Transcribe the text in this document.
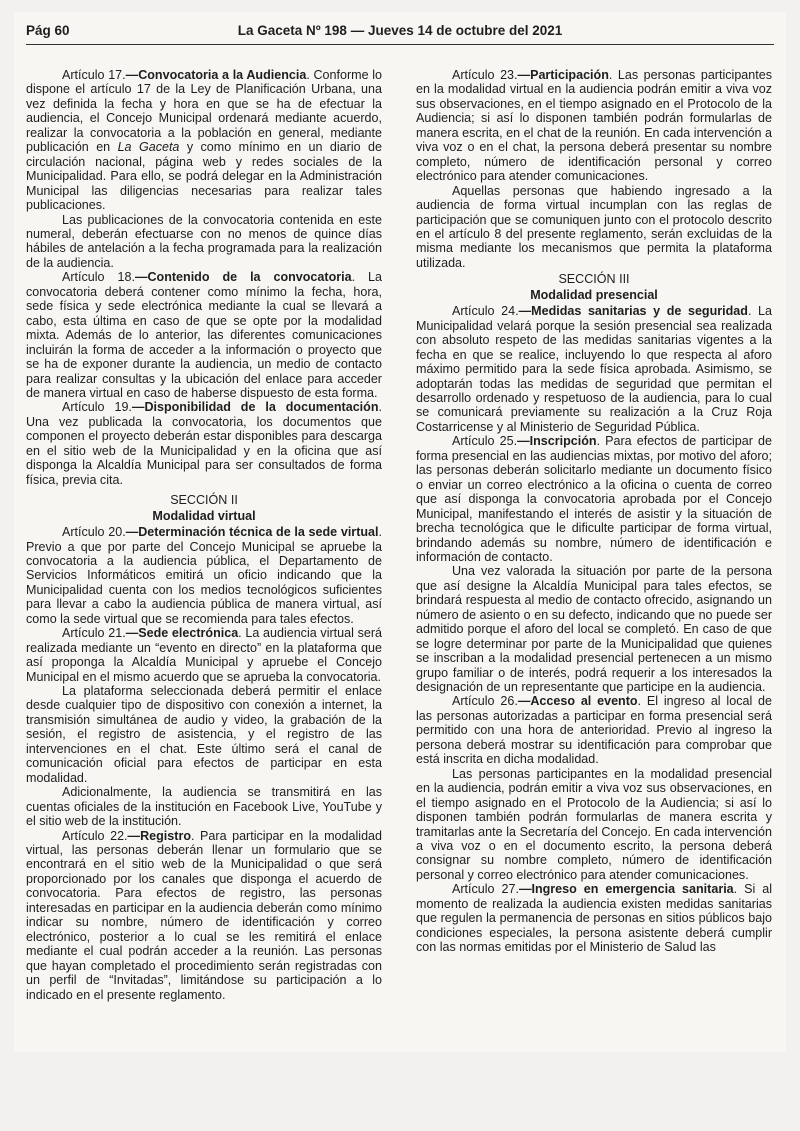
Pág 60	La Gaceta Nº 198 — Jueves 14 de octubre del 2021

Artículo 17.—Convocatoria a la Audiencia. Conforme lo dispone el artículo 17 de la Ley de Planificación Urbana, una vez definida la fecha y hora en que se ha de efectuar la audiencia, el Concejo Municipal ordenará mediante acuerdo, realizar la convocatoria a la población en general, mediante publicación en La Gaceta y como mínimo en un diario de circulación nacional, página web y redes sociales de la Municipalidad. Para ello, se podrá delegar en la Administración Municipal las diligencias necesarias para realizar tales publicaciones.

Las publicaciones de la convocatoria contenida en este numeral, deberán efectuarse con no menos de quince días hábiles de antelación a la fecha programada para la realización de la audiencia.

Artículo 18.—Contenido de la convocatoria. La convocatoria deberá contener como mínimo la fecha, hora, sede física y sede electrónica mediante la cual se llevará a cabo, esta última en caso de que se opte por la modalidad mixta. Además de lo anterior, las diferentes comunicaciones incluirán la forma de acceder a la información o proyecto que se ha de exponer durante la audiencia, un medio de contacto para realizar consultas y la ubicación del enlace para acceder de manera virtual en caso de haberse dispuesto de esta forma.

Artículo 19.—Disponibilidad de la documentación. Una vez publicada la convocatoria, los documentos que componen el proyecto deberán estar disponibles para descarga en el sitio web de la Municipalidad y en la oficina que así disponga la Alcaldía Municipal para ser consultados de forma física, previa cita.

SECCIÓN II
Modalidad virtual

Artículo 20.—Determinación técnica de la sede virtual. Previo a que por parte del Concejo Municipal se apruebe la convocatoria a la audiencia pública, el Departamento de Servicios Informáticos emitirá un oficio indicando que la Municipalidad cuenta con los medios tecnológicos suficientes para llevar a cabo la audiencia pública de manera virtual, así como la sede virtual que se recomienda para tales efectos.

Artículo 21.—Sede electrónica. La audiencia virtual será realizada mediante un “evento en directo” en la plataforma que así proponga la Alcaldía Municipal y apruebe el Concejo Municipal en el mismo acuerdo que se aprueba la convocatoria.

La plataforma seleccionada deberá permitir el enlace desde cualquier tipo de dispositivo con conexión a internet, la transmisión simultánea de audio y video, la grabación de la sesión, el registro de asistencia, y el registro de las intervenciones en el chat. Este último será el canal de comunicación oficial para efectos de participar en esta modalidad.

Adicionalmente, la audiencia se transmitirá en las cuentas oficiales de la institución en Facebook Live, YouTube y el sitio web de la institución.

Artículo 22.—Registro. Para participar en la modalidad virtual, las personas deberán llenar un formulario que se encontrará en el sitio web de la Municipalidad o que será proporcionado por los canales que disponga el acuerdo de convocatoria. Para efectos de registro, las personas interesadas en participar en la audiencia deberán como mínimo indicar su nombre, número de identificación y correo electrónico, posterior a lo cual se les remitirá el enlace mediante el cual podrán acceder a la reunión. Las personas que hayan completado el procedimiento serán registradas con un perfil de “Invitadas”, limitándose su participación a lo indicado en el presente reglamento.

Artículo 23.—Participación. Las personas participantes en la modalidad virtual en la audiencia podrán emitir a viva voz sus observaciones, en el tiempo asignado en el Protocolo de la Audiencia; si así lo disponen también podrán formularlas de manera escrita, en el chat de la reunión. En cada intervención a viva voz o en el chat, la persona deberá presentar su nombre completo, número de identificación personal y correo electrónico para atender comunicaciones.

Aquellas personas que habiendo ingresado a la audiencia de forma virtual incumplan con las reglas de participación que se comuniquen junto con el protocolo descrito en el artículo 8 del presente reglamento, serán excluidas de la misma mediante los mecanismos que permita la plataforma utilizada.

SECCIÓN III
Modalidad presencial

Artículo 24.—Medidas sanitarias y de seguridad. La Municipalidad velará porque la sesión presencial sea realizada con absoluto respeto de las medidas sanitarias vigentes a la fecha en que se realice, incluyendo lo que respecta al aforo máximo permitido para la sede física aprobada. Asimismo, se adoptarán todas las medidas de seguridad que permitan el desarrollo ordenado y respetuoso de la audiencia, para lo cual se comunicará previamente su realización a la Cruz Roja Costarricense y al Ministerio de Seguridad Pública.

Artículo 25.—Inscripción. Para efectos de participar de forma presencial en las audiencias mixtas, por motivo del aforo; las personas deberán solicitarlo mediante un documento físico o enviar un correo electrónico a la oficina o cuenta de correo que así disponga la convocatoria aprobada por el Concejo Municipal, manifestando el interés de asistir y la situación de brecha tecnológica que le dificulte participar de forma virtual, brindando además su nombre, número de identificación e información de contacto.

Una vez valorada la situación por parte de la persona que así designe la Alcaldía Municipal para tales efectos, se brindará respuesta al medio de contacto ofrecido, asignando un número de asiento o en su defecto, indicando que no puede ser admitido porque el aforo del local se completó. En caso de que se logre determinar por parte de la Municipalidad que quienes se inscriban a la modalidad presencial pertenecen a un mismo grupo familiar o de interés, podrá requerir a los interesados la designación de un representante que participe en la audiencia.

Artículo 26.—Acceso al evento. El ingreso al local de las personas autorizadas a participar en forma presencial será permitido con una hora de anterioridad. Previo al ingreso la persona deberá mostrar su identificación para comprobar que está inscrita en dicha modalidad.

Las personas participantes en la modalidad presencial en la audiencia, podrán emitir a viva voz sus observaciones, en el tiempo asignado en el Protocolo de la Audiencia; si así lo disponen también podrán formularlas de manera escrita y tramitarlas ante la Secretaría del Concejo. En cada intervención a viva voz o en el documento escrito, la persona deberá consignar su nombre completo, número de identificación personal y correo electrónico para atender comunicaciones.

Artículo 27.—Ingreso en emergencia sanitaria. Si al momento de realizada la audiencia existen medidas sanitarias que regulen la permanencia de personas en sitios públicos bajo condiciones especiales, la persona asistente deberá cumplir con las normas emitidas por el Ministerio de Salud las
